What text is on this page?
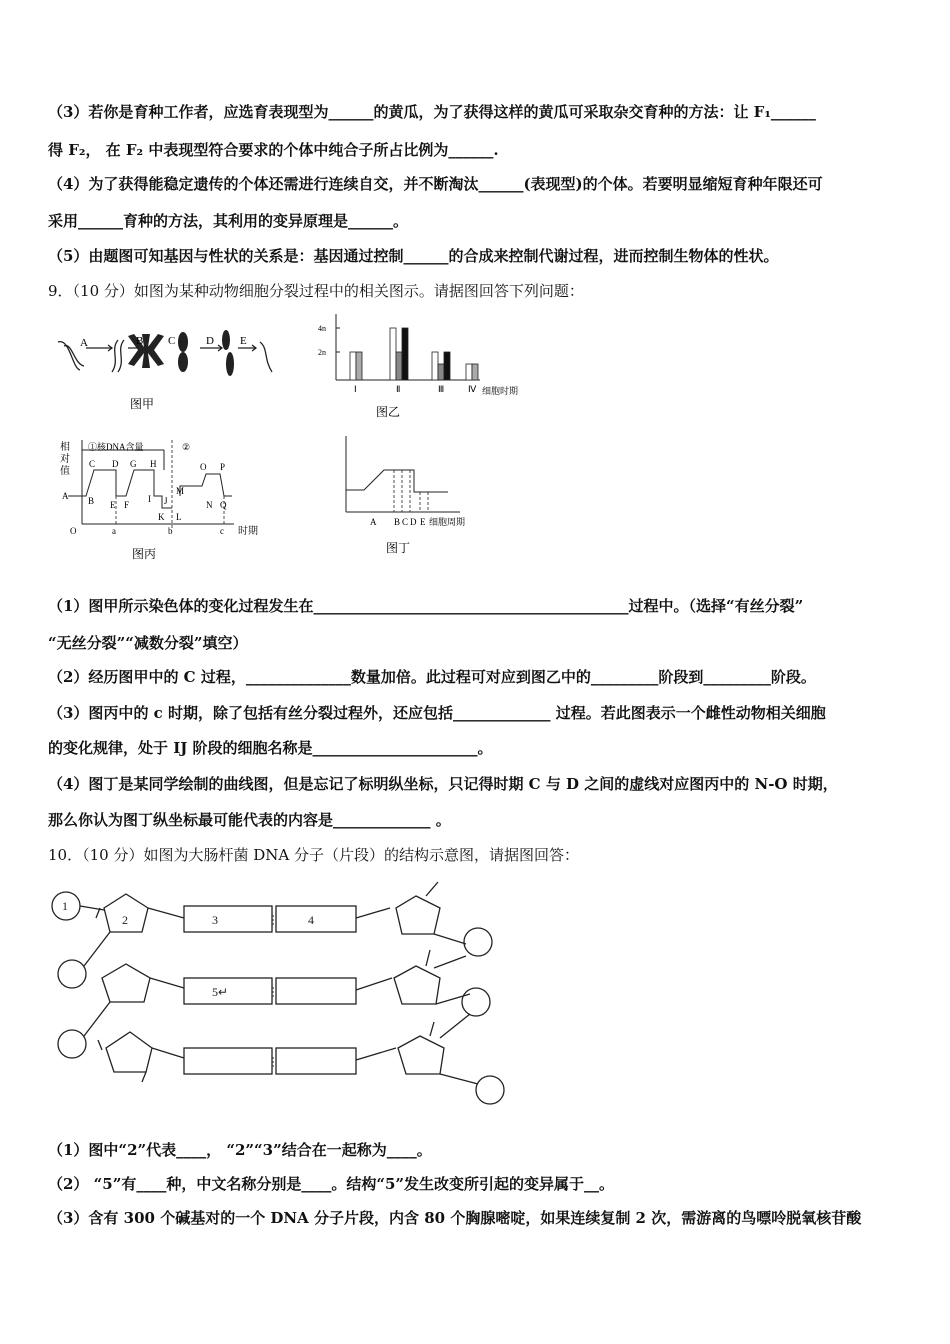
（3）若你是育种工作者，应选育表现型为______的黄瓜，为了获得这样的黄瓜可采取杂交育种的方法：让 F₁______
得 F₂， 在 F₂ 中表现型符合要求的个体中纯合子所占比例为______.
（4）为了获得能稳定遗传的个体还需进行连续自交，并不断淘汰______(表现型)的个体。若要明显缩短育种年限还可
采用______育种的方法，其利用的变异原理是______。
（5）由题图可知基因与性状的关系是：基因通过控制______的合成来控制代谢过程，进而控制生物体的性状。
9．（10 分）如图为某种动物细胞分裂过程中的相关图示。请据图回答下列问题：
A	B C	D E
图甲
4n
2n
Ⅰ	Ⅱ	Ⅲ	Ⅳ 细胞时期
图乙
相
对
值
①核DNA含量	②
A B
C D
E F
G H
I J
K L
M
N
O P
Q
O	a	b	c 时期
图丙
A B C D E 细胞周期
图丁
（1）图甲所示染色体的变化过程发生在__________________________________________过程中。（选择“有丝分裂”
“无丝分裂”“减数分裂”填空）
（2）经历图甲中的 C 过程，______________数量加倍。此过程可对应到图乙中的_________阶段到_________阶段。
（3）图丙中的 c 时期，除了包括有丝分裂过程外，还应包括_____________ 过程。若此图表示一个雌性动物相关细胞
的变化规律，处于 IJ 阶段的细胞名称是______________________。
（4）图丁是某同学绘制的曲线图，但是忘记了标明纵坐标，只记得时期 C 与 D 之间的虚线对应图丙中的 N-O 时期，
那么你认为图丁纵坐标最可能代表的内容是_____________ 。
10．（10 分）如图为大肠杆菌 DNA 分子（片段）的结构示意图，请据图回答：
1
2	3	4
5↵
（1）图中“2”代表____， “2”“3”结合在一起称为____。
（2） “5”有____种，中文名称分别是____。结构“5”发生改变所引起的变异属于__。
（3）含有 300 个碱基对的一个 DNA 分子片段，内含 80 个胸腺嘧啶，如果连续复制 2 次，需游离的鸟嘌呤脱氧核苷酸
